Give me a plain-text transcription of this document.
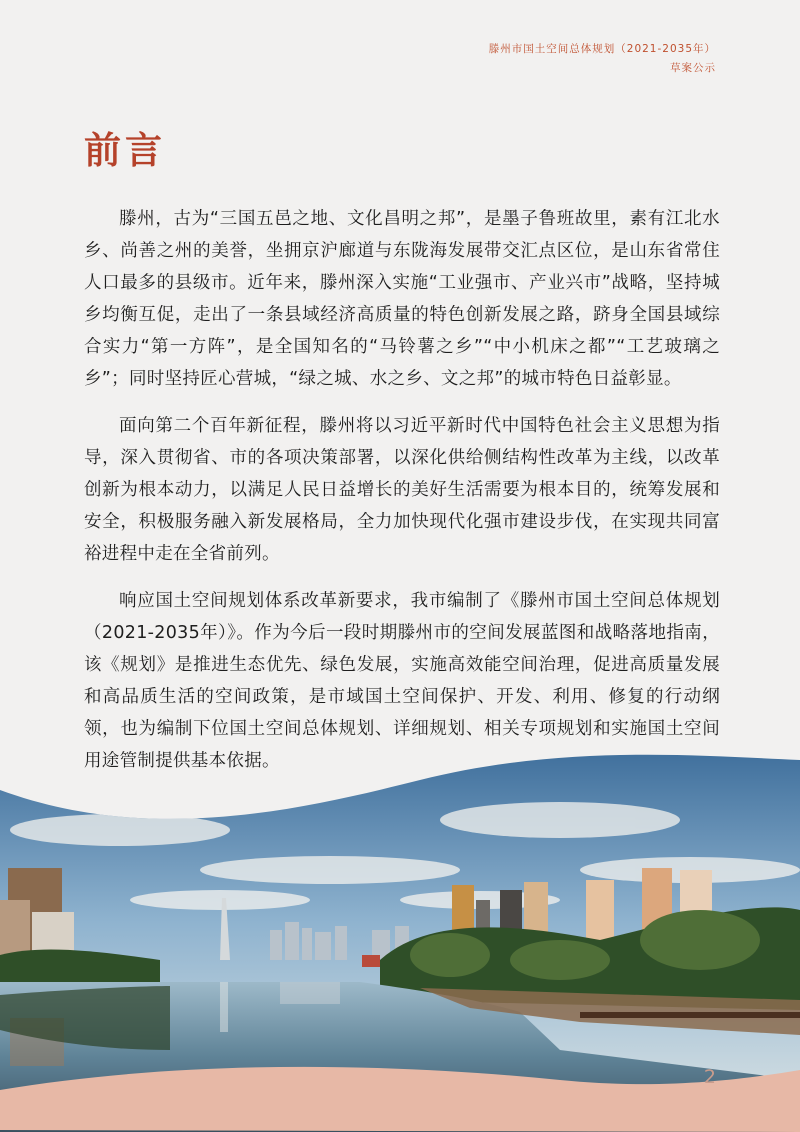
滕州市国土空间总体规划（2021-2035年）
草案公示
前言

滕州，古为“三国五邑之地、文化昌明之邦”，是墨子鲁班故里，素有江北水乡、尚善之州的美誉，坐拥京沪廊道与东陇海发展带交汇点区位，是山东省常住人口最多的县级市。近年来，滕州深入实施“工业强市、产业兴市”战略，坚持城乡均衡互促，走出了一条县域经济高质量的特色创新发展之路，跻身全国县域综合实力“第一方阵”，是全国知名的“马铃薯之乡”“中小机床之都”“工艺玻璃之乡”；同时坚持匠心营城，“绿之城、水之乡、文之邦”的城市特色日益彰显。

面向第二个百年新征程，滕州将以习近平新时代中国特色社会主义思想为指导，深入贯彻省、市的各项决策部署，以深化供给侧结构性改革为主线，以改革创新为根本动力，以满足人民日益增长的美好生活需要为根本目的，统筹发展和安全，积极服务融入新发展格局，全力加快现代化强市建设步伐，在实现共同富裕进程中走在全省前列。

响应国土空间规划体系改革新要求，我市编制了《滕州市国土空间总体规划（2021-2035年）》。作为今后一段时期滕州市的空间发展蓝图和战略落地指南，该《规划》是推进生态优先、绿色发展，实施高效能空间治理，促进高质量发展和高品质生活的空间政策，是市域国土空间保护、开发、利用、修复的行动纲领，也为编制下位国土空间总体规划、详细规划、相关专项规划和实施国土空间用途管制提供基本依据。

2
